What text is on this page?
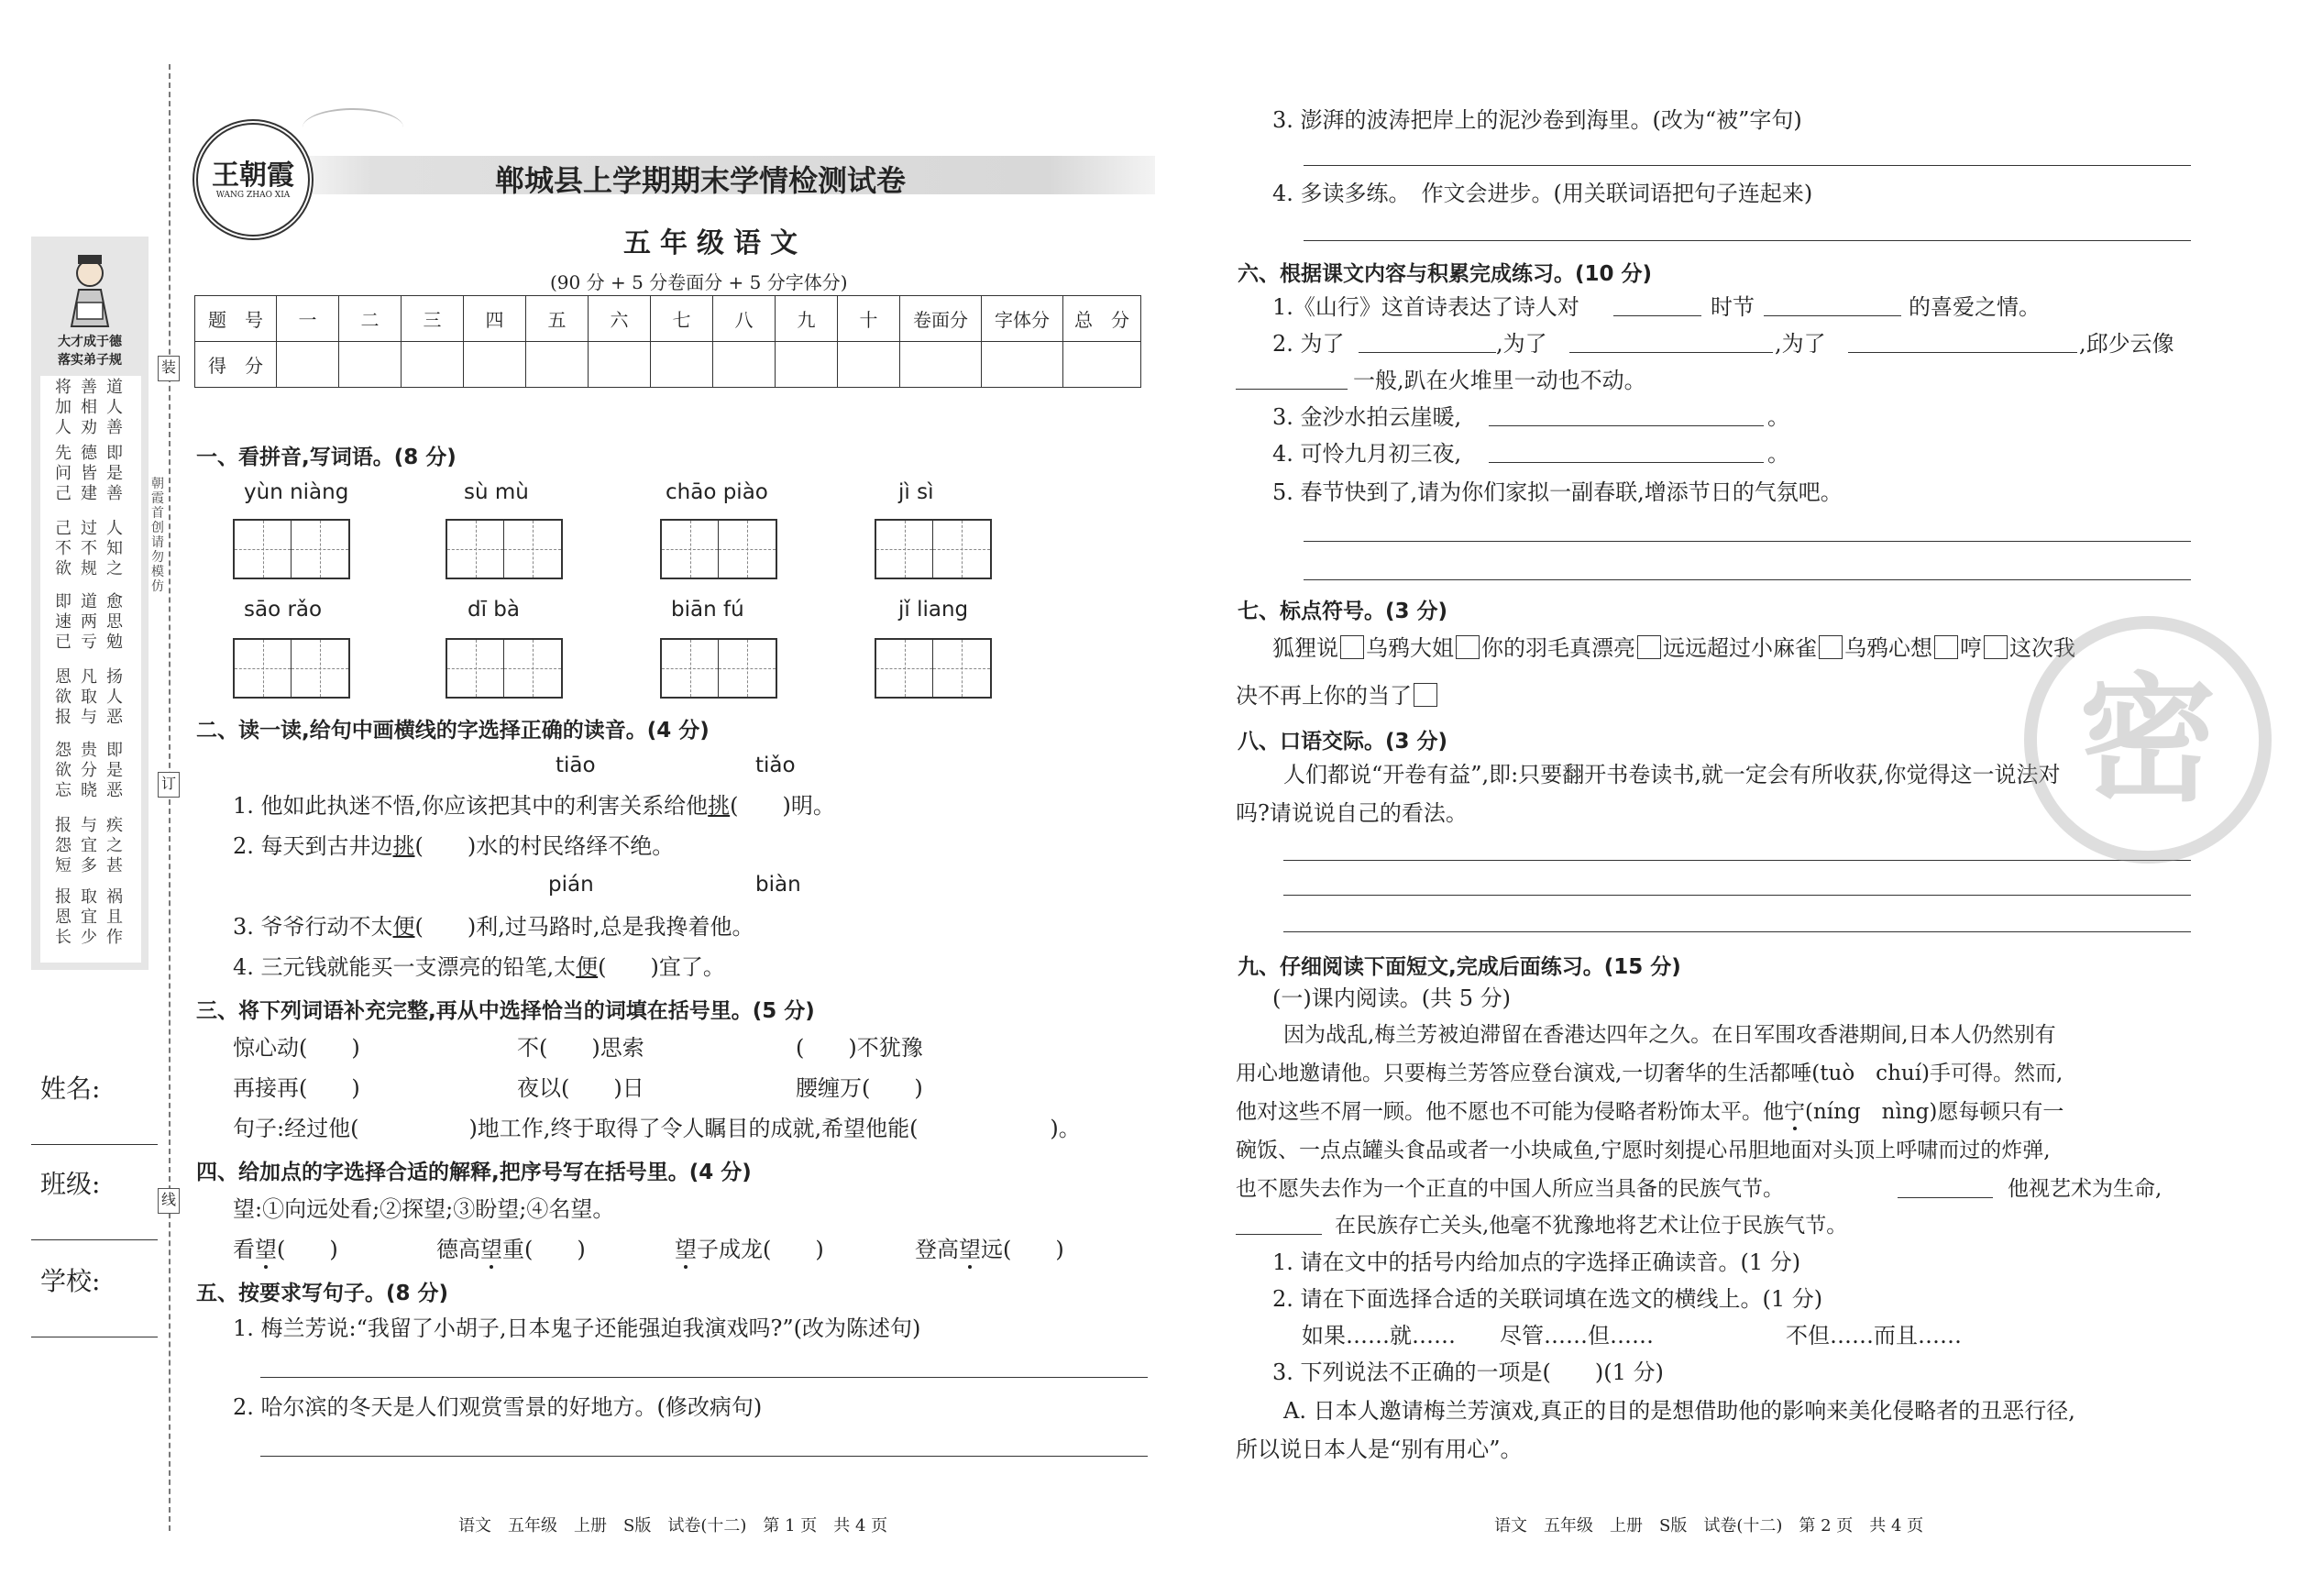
装
订
线
朝霞首创 请勿模仿
大才成于德
落实弟子规
将加人
善相劝
道人善
先问己
德皆建
即是善
己不欲
过不规
人知之
即速已
道两亏
愈思勉
恩欲报
凡取与
扬人恶
怨欲忘
贵分晓
即是恶
报怨短
与宜多
疾之甚
报恩长
取宜少
祸且作
姓名:
班级:
学校:
王朝霞
WANG ZHAO XIA	郸城县上学期期末学情检测试卷
五年级语文
(90 分 + 5 分卷面分 + 5 分字体分)
题　号	一	二	三	四	五	六	七	八	九	十	卷面分	字体分	总　分
得　分													
一、看拼音,写词语。(8 分)
yùn niàng	sù mù	chāo piào	jì sì
sāo rǎo	dī bà	biān fú	jǐ liang
二、读一读,给句中画横线的字选择正确的读音。(4 分)
tiāo	tiǎo
1. 他如此执迷不悟,你应该把其中的利害关系给他挑(　　)明。
2. 每天到古井边挑(　　)水的村民络绎不绝。
pián	biàn
3. 爷爷行动不太便(　　)利,过马路时,总是我搀着他。
4. 三元钱就能买一支漂亮的铅笔,太便(　　)宜了。
三、将下列词语补充完整,再从中选择恰当的词填在括号里。(5 分)
惊心动(　　)	不(　　)思索	(　　)不犹豫
再接再(　　)	夜以(　　)日	腰缠万(　　)
句子:经过他(　　　　　)地工作,终于取得了令人瞩目的成就,希望他能(　　　　　　)。
四、给加点的字选择合适的解释,把序号写在括号里。(4 分)
望:①向远处看;②探望;③盼望;④名望。
看望(　　)	德高望重(　　)	望子成龙(　　)	登高望远(　　)
五、按要求写句子。(8 分)
1. 梅兰芳说:“我留了小胡子,日本鬼子还能强迫我演戏吗?”(改为陈述句)
2. 哈尔滨的冬天是人们观赏雪景的好地方。(修改病句)
语文　五年级　上册　S版　试卷(十二)　第 1 页　共 4 页
3. 澎湃的波涛把岸上的泥沙卷到海里。(改为“被”字句)
4. 多读多练。　作文会进步。(用关联词语把句子连起来)
六、根据课文内容与积累完成练习。(10 分)
1.《山行》这首诗表达了诗人对	时节	的喜爱之情。
2. 为了	,为了	,为了	,邱少云像
一般,趴在火堆里一动也不动。
3. 金沙水拍云崖暖,	。
4. 可怜九月初三夜,	。
5. 春节快到了,请为你们家拟一副春联,增添节日的气氛吧。
七、标点符号。(3 分)
狐狸说 乌鸦大姐 你的羽毛真漂亮 远远超过小麻雀 乌鸦心想 哼 这次我
决不再上你的当了
八、口语交际。(3 分)
人们都说“开卷有益”,即:只要翻开书卷读书,就一定会有所收获,你觉得这一说法对
吗?请说说自己的看法。
九、仔细阅读下面短文,完成后面练习。(15 分)
(一)课内阅读。(共 5 分)
因为战乱,梅兰芳被迫滞留在香港达四年之久。在日军围攻香港期间,日本人仍然别有
用心地邀请他。只要梅兰芳答应登台演戏,一切奢华的生活都唾(tuò　chuí)手可得。然而,
他对这些不屑一顾。他不愿也不可能为侵略者粉饰太平。他宁(níng　nìng)愿每顿只有一
碗饭、一点点罐头食品或者一小块咸鱼,宁愿时刻提心吊胆地面对头顶上呼啸而过的炸弹,
也不愿失去作为一个正直的中国人所应当具备的民族气节。	他视艺术为生命,
在民族存亡关头,他毫不犹豫地将艺术让位于民族气节。
1. 请在文中的括号内给加点的字选择正确读音。(1 分)
2. 请在下面选择合适的关联词填在选文的横线上。(1 分)
如果……就…… 尽管……但……	不但……而且……
3. 下列说法不正确的一项是(　　)(1 分)
A. 日本人邀请梅兰芳演戏,真正的目的是想借助他的影响来美化侵略者的丑恶行径,
所以说日本人是“别有用心”。
语文　五年级　上册　S版　试卷(十二)　第 2 页　共 4 页
密
